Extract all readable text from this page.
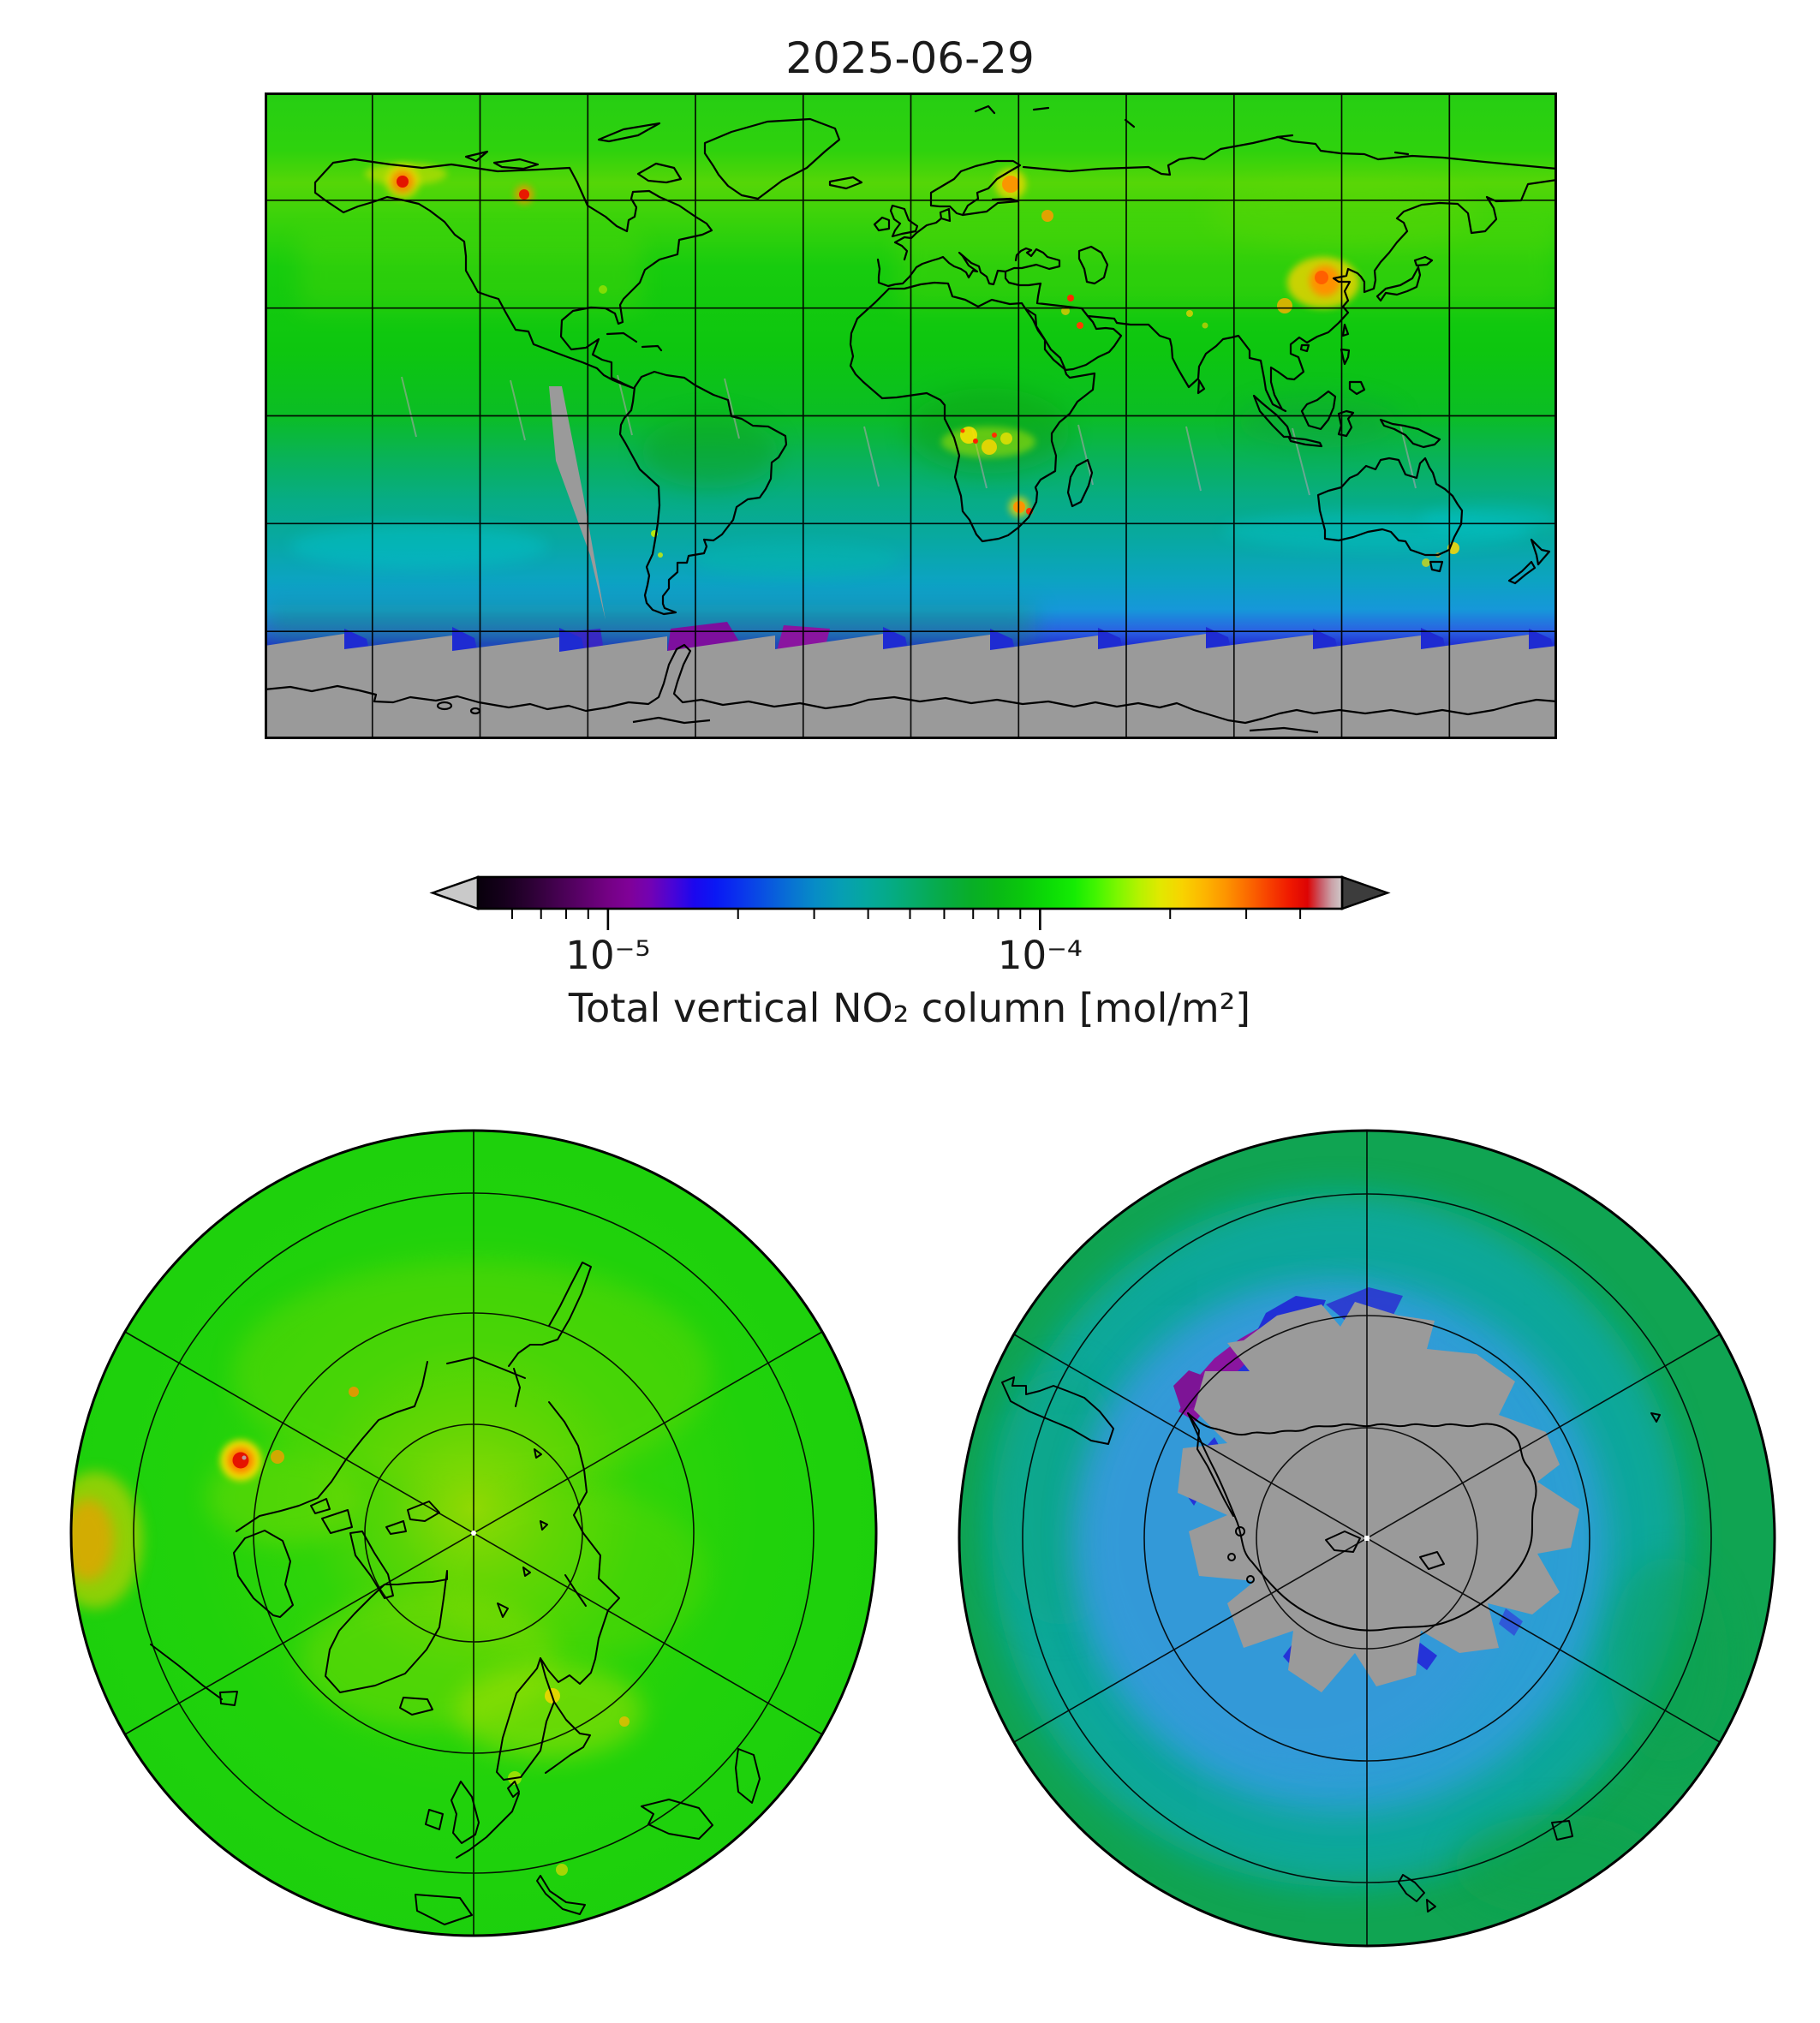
2025-06-29
10⁻⁵	10⁻⁴
Total vertical NO₂ column [mol/m²]
